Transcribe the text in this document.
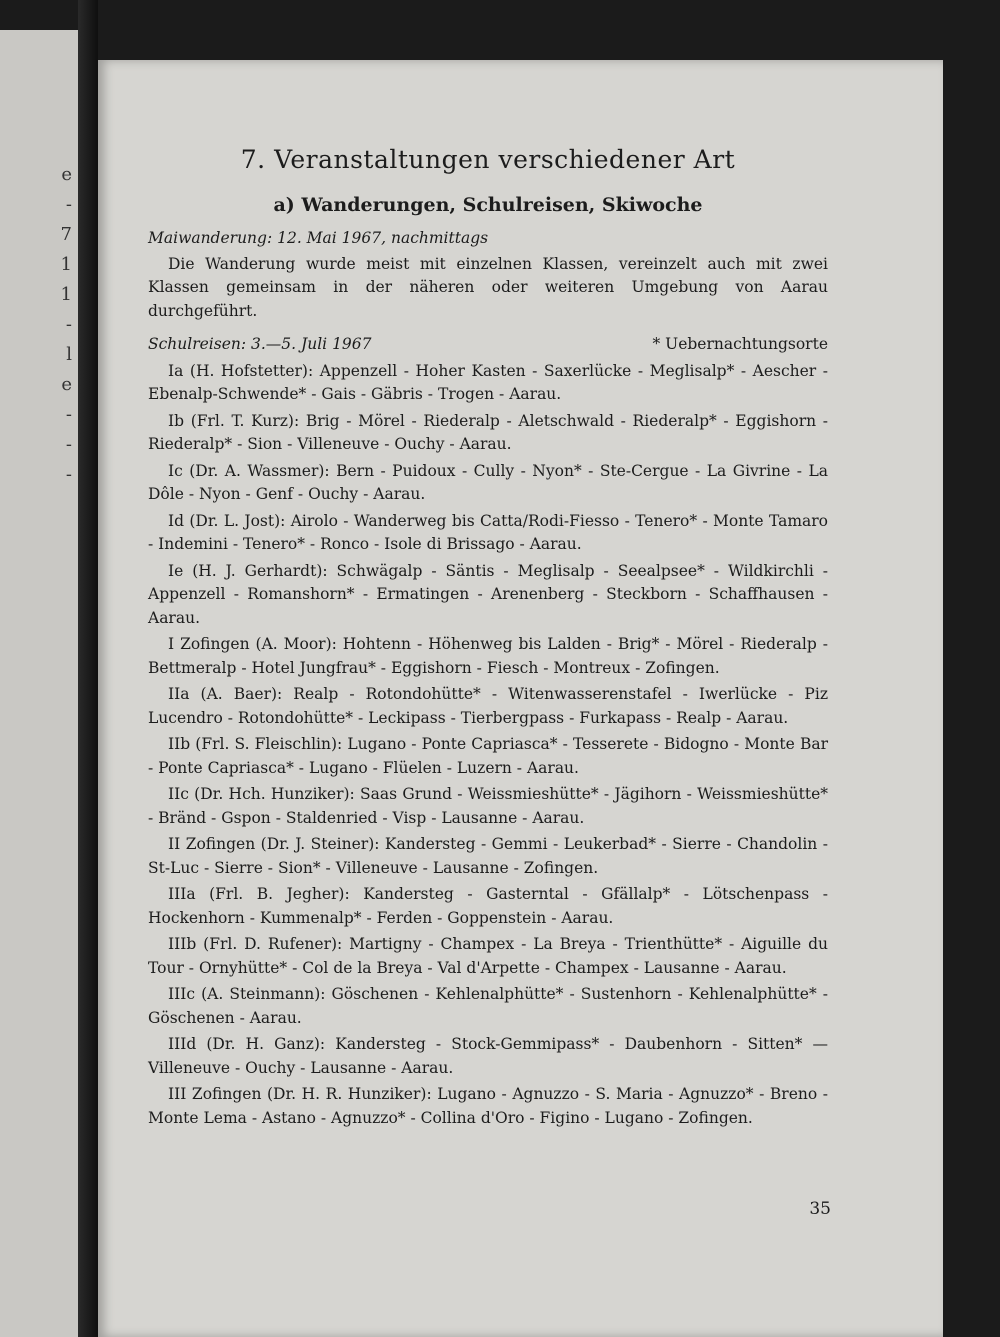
e
-
7
1
1
-
l
e
-
-
-
7. Veranstaltungen verschiedener Art
a) Wanderungen, Schulreisen, Skiwoche

Maiwanderung: 12. Mai 1967, nachmittags

Die Wanderung wurde meist mit einzelnen Klassen, vereinzelt auch mit zwei Klassen gemeinsam in der näheren oder weiteren Umgebung von Aarau durchgeführt.

Schulreisen: 3.—5. Juli 1967	* Uebernachtungsorte

Ia (H. Hofstetter): Appenzell - Hoher Kasten - Saxerlücke - Meglisalp* - Aescher - Ebenalp-Schwende* - Gais - Gäbris - Trogen - Aarau.

Ib (Frl. T. Kurz): Brig - Mörel - Riederalp - Aletschwald - Riederalp* - Eggishorn - Riederalp* - Sion - Villeneuve - Ouchy - Aarau.

Ic (Dr. A. Wassmer): Bern - Puidoux - Cully - Nyon* - Ste-Cergue - La Givrine - La Dôle - Nyon - Genf - Ouchy - Aarau.

Id (Dr. L. Jost): Airolo - Wanderweg bis Catta/Rodi-Fiesso - Tenero* - Monte Tamaro - Indemini - Tenero* - Ronco - Isole di Brissago - Aarau.

Ie (H. J. Gerhardt): Schwägalp - Säntis - Meglisalp - Seealpsee* - Wildkirchli - Appenzell - Romanshorn* - Ermatingen - Arenenberg - Steckborn - Schaffhausen - Aarau.

I Zofingen (A. Moor): Hohtenn - Höhenweg bis Lalden - Brig* - Mörel - Riederalp - Bettmeralp - Hotel Jungfrau* - Eggishorn - Fiesch - Montreux - Zofingen.

IIa (A. Baer): Realp - Rotondohütte* - Witenwasserenstafel - Iwerlücke - Piz Lucendro - Rotondohütte* - Leckipass - Tierbergpass - Furkapass - Realp - Aarau.

IIb (Frl. S. Fleischlin): Lugano - Ponte Capriasca* - Tesserete - Bidogno - Monte Bar - Ponte Capriasca* - Lugano - Flüelen - Luzern - Aarau.

IIc (Dr. Hch. Hunziker): Saas Grund - Weissmieshütte* - Jägihorn - Weissmieshütte* - Bränd - Gspon - Staldenried - Visp - Lausanne - Aarau.

II Zofingen (Dr. J. Steiner): Kandersteg - Gemmi - Leukerbad* - Sierre - Chandolin - St-Luc - Sierre - Sion* - Villeneuve - Lausanne - Zofingen.

IIIa (Frl. B. Jegher): Kandersteg - Gasterntal - Gfällalp* - Lötschenpass - Hockenhorn - Kummenalp* - Ferden - Goppenstein - Aarau.

IIIb (Frl. D. Rufener): Martigny - Champex - La Breya - Trienthütte* - Aiguille du Tour - Ornyhütte* - Col de la Breya - Val d'Arpette - Champex - Lausanne - Aarau.

IIIc (A. Steinmann): Göschenen - Kehlenalphütte* - Sustenhorn - Kehlenalphütte* - Göschenen - Aarau.

IIId (Dr. H. Ganz): Kandersteg - Stock-Gemmipass* - Daubenhorn - Sitten* — Villeneuve - Ouchy - Lausanne - Aarau.

III Zofingen (Dr. H. R. Hunziker): Lugano - Agnuzzo - S. Maria - Agnuzzo* - Breno - Monte Lema - Astano - Agnuzzo* - Collina d'Oro - Figino - Lugano - Zofingen.

35
